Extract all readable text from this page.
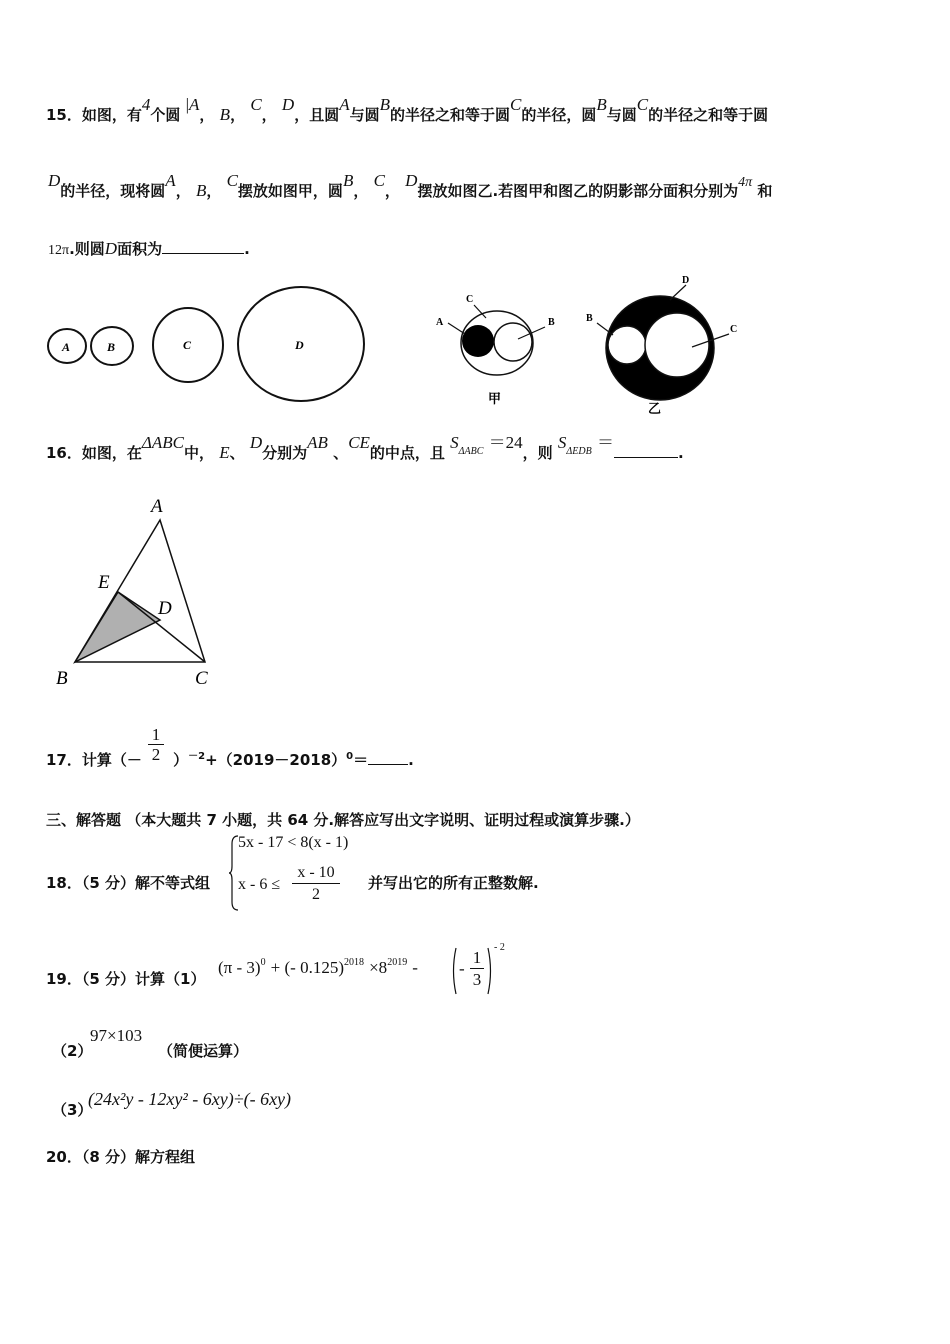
15．如图，有4个圆 |A， B， C， D，且圆A与圆B的半径之和等于圆C的半径，圆B与圆C的半径之和等于圆
D的半径，现将圆A， B， C摆放如图甲，圆B， C， D摆放如图乙.若图甲和图乙的阴影部分面积分别为4π 和
12π.则圆D面积为	.
A	B	C	D
A
C
B
甲
B
D
C
乙
16．如图，在ΔABC中， E、 D分别为AB 、CE的中点，且 $S^{\Delta ABC} =24$，则 $S^{\Delta EDB}$ ＝.
A
E
D
B	C
17．计算（－
1
2 ）$^{-2}+(2019-2018)^0=$	.
三、解答题 （本大题共 7 小题，共 64 分.解答应写出文字说明、证明过程或演算步骤.）
18．（5 分）解不等式组
5x - 17 < 8(x - 1)
x - 6 ≤
x - 10
2
并写出它的所有正整数解.
19．（5 分）计算（1）
(π - 3)$^0$ + (- $0.125)^{2018} \times 8^{2019}$ - -
1
3
- 2
（2）
97×103
（简便运算）
（3）
(24x²y - 12xy² - 6xy)÷(- 6xy)
20．（8 分）解方程组
